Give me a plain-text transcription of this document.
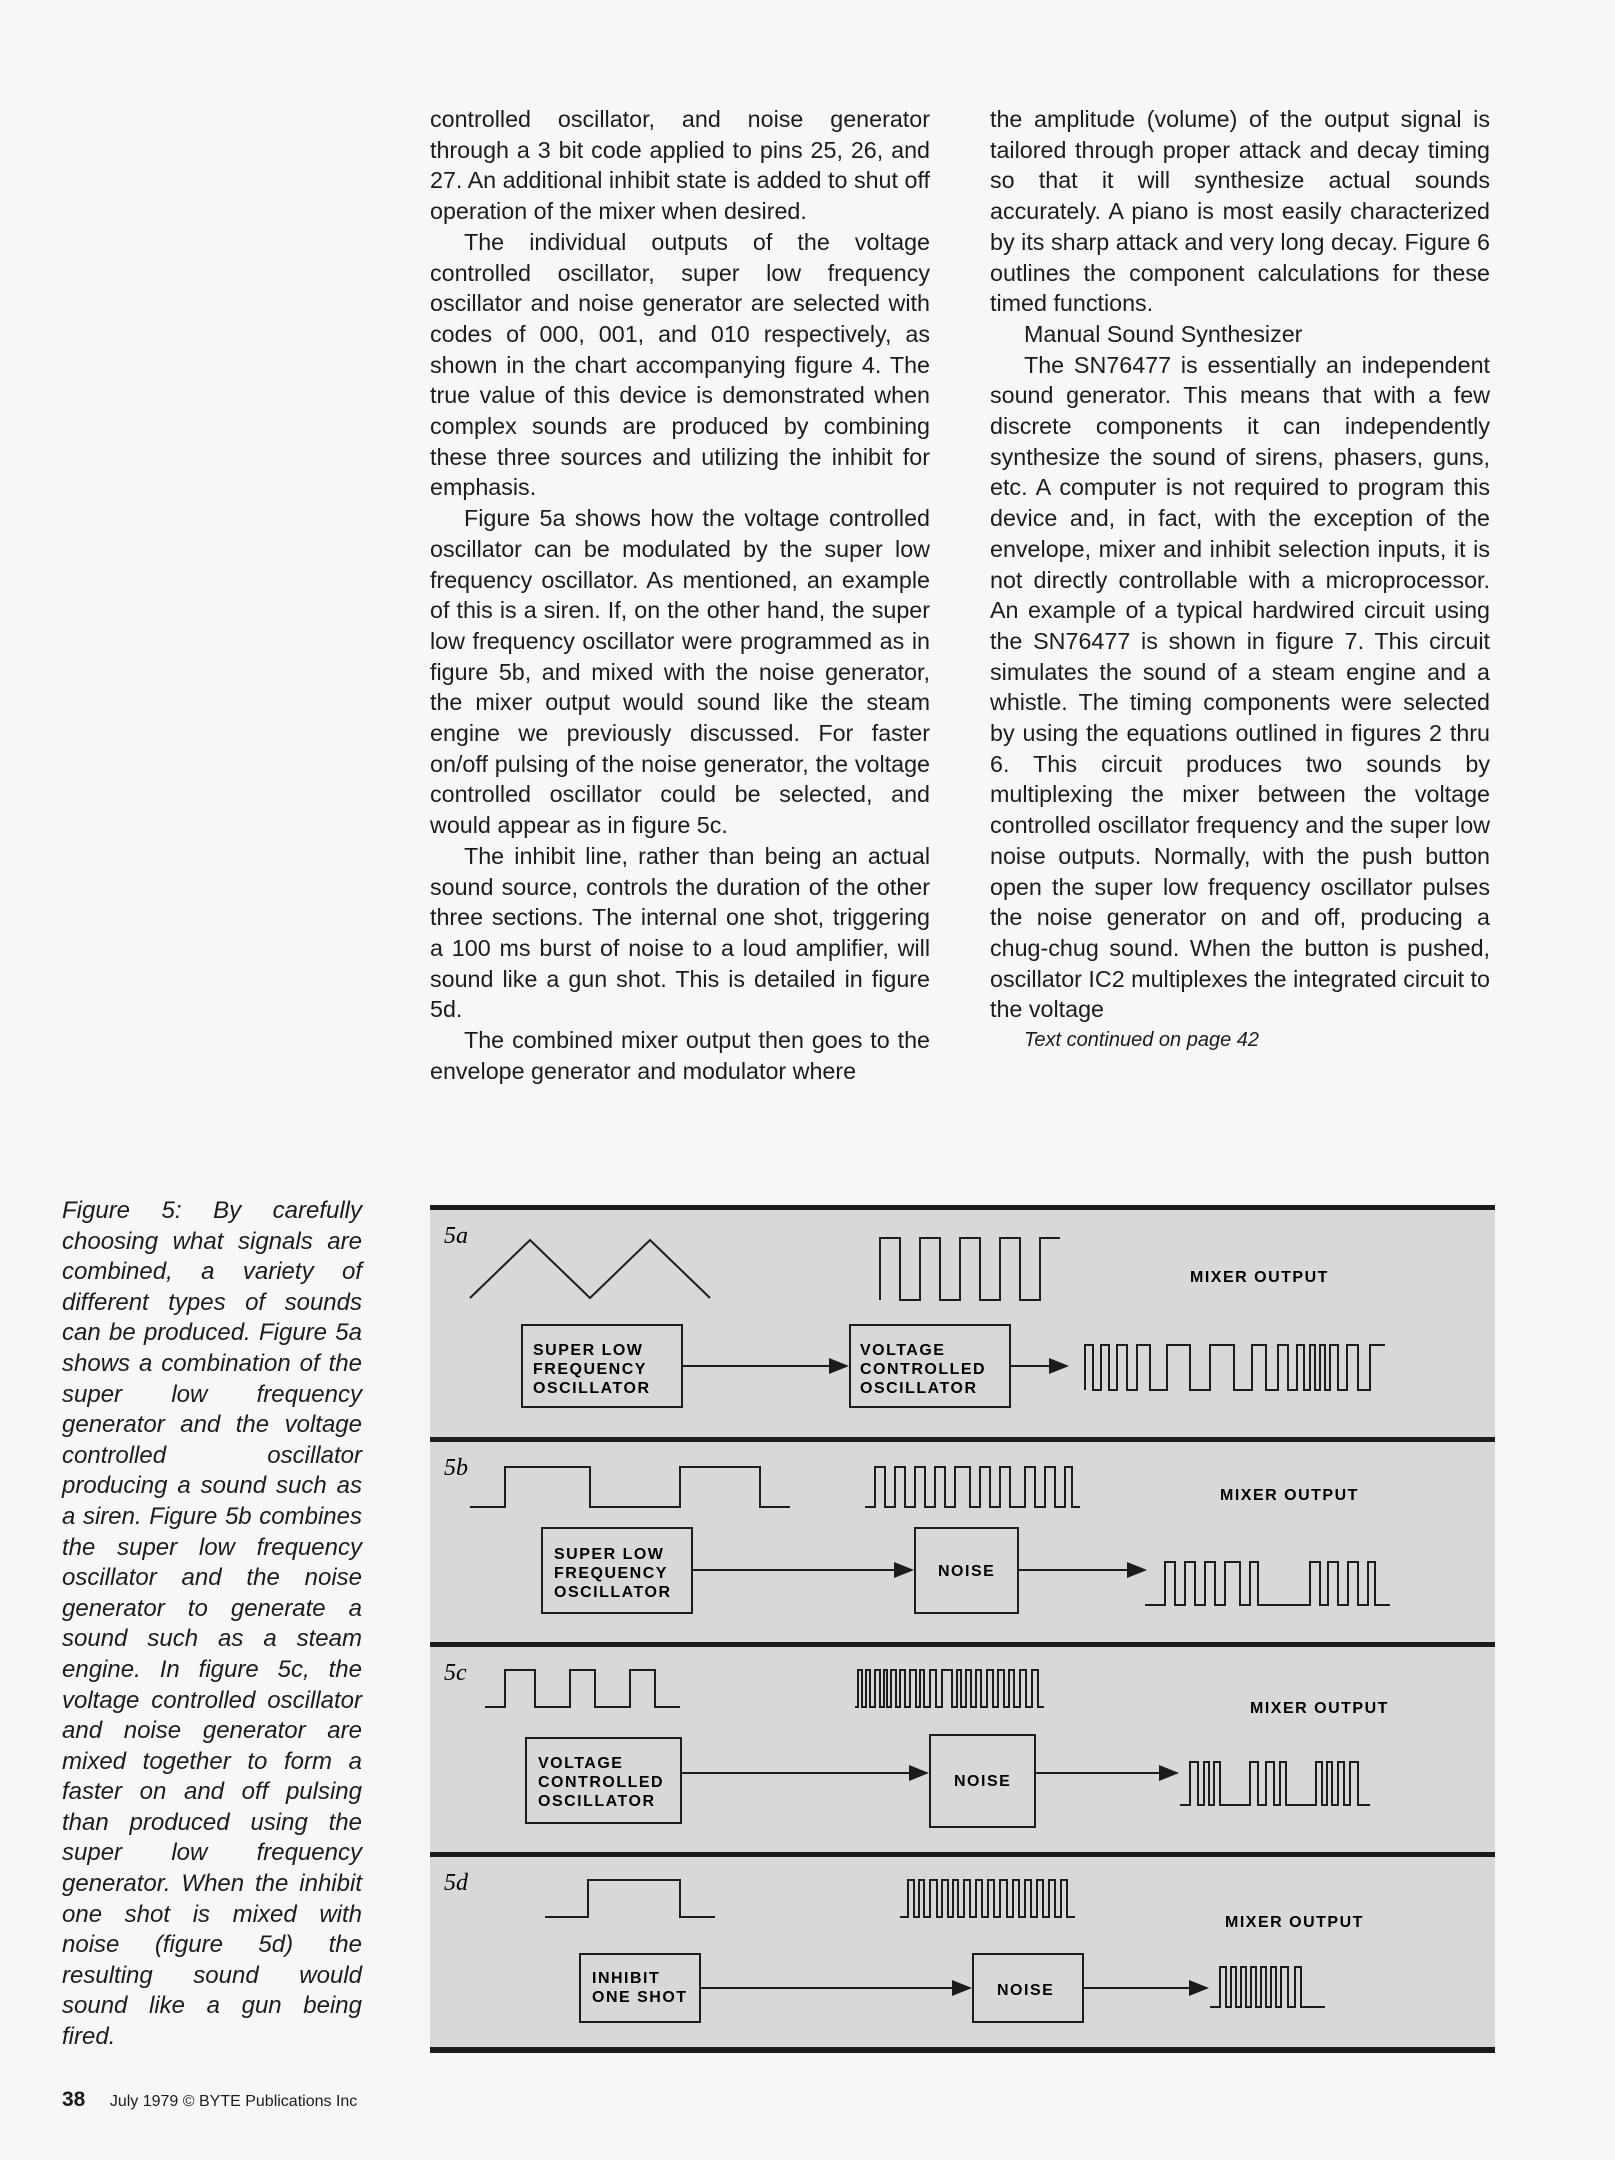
controlled oscillator, and noise generator through a 3 bit code applied to pins 25, 26, and 27. An additional inhibit state is added to shut off operation of the mixer when desired.

The individual outputs of the voltage controlled oscillator, super low frequency oscillator and noise generator are selected with codes of 000, 001, and 010 respectively, as shown in the chart accompanying figure 4. The true value of this device is demonstrated when complex sounds are produced by combining these three sources and utilizing the inhibit for emphasis.

Figure 5a shows how the voltage controlled oscillator can be modulated by the super low frequency oscillator. As mentioned, an example of this is a siren. If, on the other hand, the super low frequency oscillator were programmed as in figure 5b, and mixed with the noise generator, the mixer output would sound like the steam engine we previously discussed. For faster on/off pulsing of the noise generator, the voltage controlled oscillator could be selected, and would appear as in figure 5c.

The inhibit line, rather than being an actual sound source, controls the duration of the other three sections. The internal one shot, triggering a 100 ms burst of noise to a loud amplifier, will sound like a gun shot. This is detailed in figure 5d.

The combined mixer output then goes to the envelope generator and modulator where

the amplitude (volume) of the output signal is tailored through proper attack and decay timing so that it will synthesize actual sounds accurately. A piano is most easily characterized by its sharp attack and very long decay. Figure 6 outlines the component calculations for these timed functions.

Manual Sound Synthesizer

The SN76477 is essentially an independent sound generator. This means that with a few discrete components it can independently synthesize the sound of sirens, phasers, guns, etc. A computer is not required to program this device and, in fact, with the exception of the envelope, mixer and inhibit selection inputs, it is not directly controllable with a microprocessor. An example of a typical hardwired circuit using the SN76477 is shown in figure 7. This circuit simulates the sound of a steam engine and a whistle. The timing components were selected by using the equations outlined in figures 2 thru 6. This circuit produces two sounds by multiplexing the mixer between the voltage controlled oscillator frequency and the super low noise outputs. Normally, with the push button open the super low frequency oscillator pulses the noise generator on and off, producing a chug-chug sound. When the button is pushed, oscillator IC2 multiplexes the integrated circuit to the voltage

Text continued on page 42

Figure 5: By carefully choosing what signals are combined, a variety of different types of sounds can be produced. Figure 5a shows a combination of the super low frequency generator and the voltage controlled oscillator producing a sound such as a siren. Figure 5b combines the super low frequency oscillator and the noise generator to generate a sound such as a steam engine. In figure 5c, the voltage controlled oscillator and noise generator are mixed together to form a faster on and off pulsing than produced using the super low frequency generator. When the inhibit one shot is mixed with noise (figure 5d) the resulting sound would sound like a gun being fired.
5a
MIXER OUTPUT
SUPER LOW FREQUENCY OSCILLATOR
VOLTAGE CONTROLLED OSCILLATOR
5b
MIXER OUTPUT
SUPER LOW FREQUENCY OSCILLATOR
NOISE
5c
MIXER OUTPUT
VOLTAGE CONTROLLED OSCILLATOR
NOISE
5d
MIXER OUTPUT
INHIBIT ONE SHOT	NOISE
38 July 1979 © BYTE Publications Inc
